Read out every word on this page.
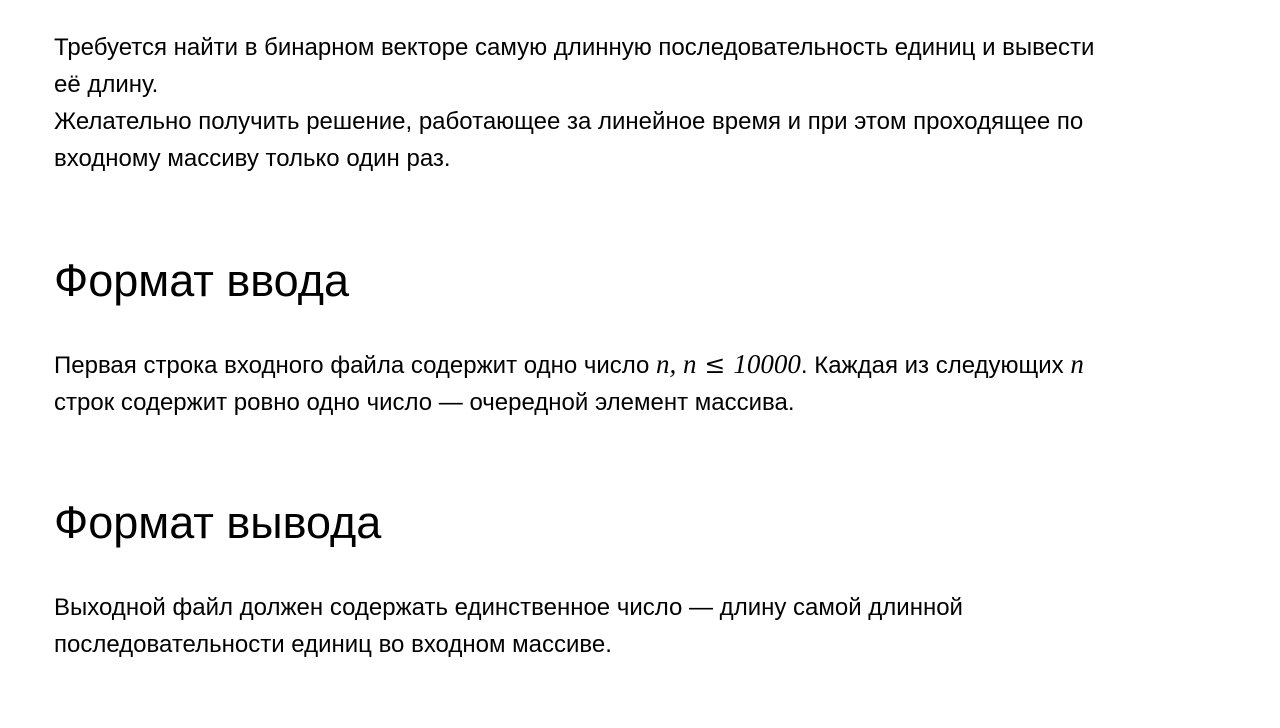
Требуется найти в бинарном векторе самую длинную последовательность единиц и вывести
её длину.
Желательно получить решение, работающее за линейное время и при этом проходящее по
входному массиву только один раз.

Формат ввода

Первая строка входного файла содержит одно число n, n ≤ 10000. Каждая из следующих n
строк содержит ровно одно число — очередной элемент массива.

Формат вывода

Выходной файл должен содержать единственное число — длину самой длинной
последовательности единиц во входном массиве.
